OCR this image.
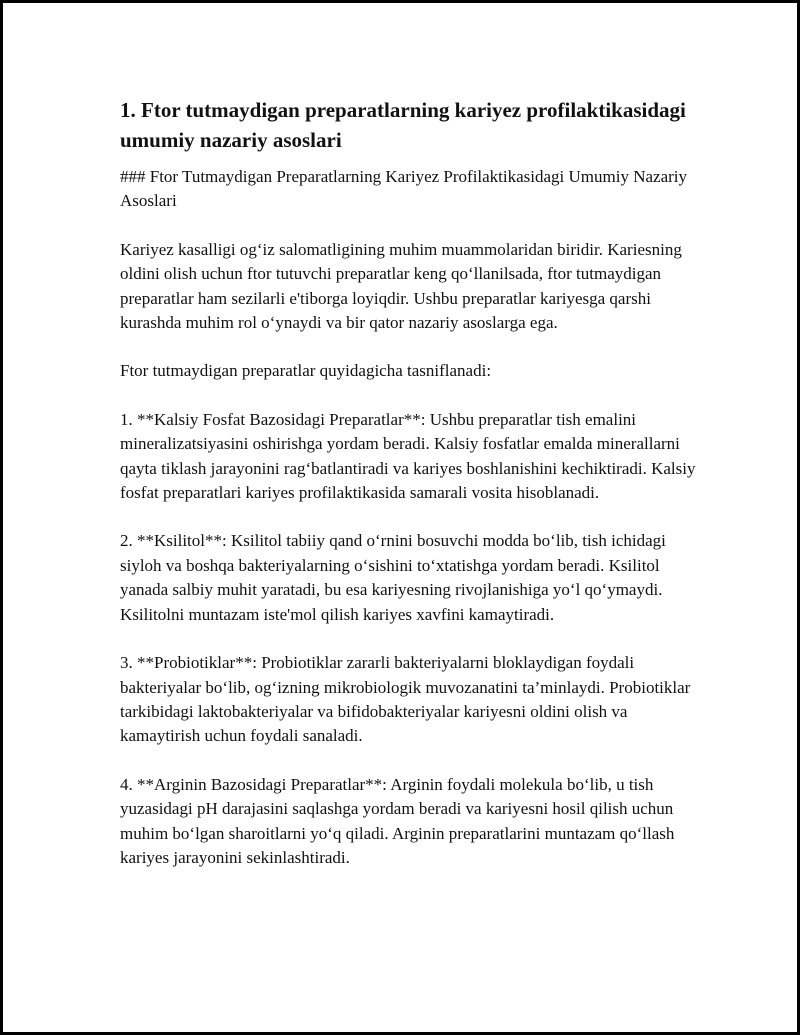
1. Ftor tutmaydigan preparatlarning kariyez profilaktikasidagi umumiy nazariy asoslari

### Ftor Tutmaydigan Preparatlarning Kariyez Profilaktikasidagi Umumiy Nazariy Asoslari

Kariyez kasalligi og‘iz salomatligining muhim muammolaridan biridir. Kariesning oldini olish uchun ftor tutuvchi preparatlar keng qo‘llanilsada, ftor tutmaydigan preparatlar ham sezilarli e'tiborga loyiqdir. Ushbu preparatlar kariyesga qarshi kurashda muhim rol o‘ynaydi va bir qator nazariy asoslarga ega.

Ftor tutmaydigan preparatlar quyidagicha tasniflanadi:

1. **Kalsiy Fosfat Bazosidagi Preparatlar**: Ushbu preparatlar tish emalini mineralizatsiyasini oshirishga yordam beradi. Kalsiy fosfatlar emalda minerallarni qayta tiklash jarayonini rag‘batlantiradi va kariyes boshlanishini kechiktiradi. Kalsiy fosfat preparatlari kariyes profilaktikasida samarali vosita hisoblanadi.

2. **Ksilitol**: Ksilitol tabiiy qand o‘rnini bosuvchi modda bo‘lib, tish ichidagi siyloh va boshqa bakteriyalarning o‘sishini to‘xtatishga yordam beradi. Ksilitol yanada salbiy muhit yaratadi, bu esa kariyesning rivojlanishiga yo‘l qo‘ymaydi. Ksilitolni muntazam iste'mol qilish kariyes xavfini kamaytiradi.

3. **Probiotiklar**: Probiotiklar zararli bakteriyalarni bloklaydigan foydali bakteriyalar bo‘lib, og‘izning mikrobiologik muvozanatini ta’minlaydi. Probiotiklar tarkibidagi laktobakteriyalar va bifidobakteriyalar kariyesni oldini olish va kamaytirish uchun foydali sanaladi.

4. **Arginin Bazosidagi Preparatlar**: Arginin foydali molekula bo‘lib, u tish yuzasidagi pH darajasini saqlashga yordam beradi va kariyesni hosil qilish uchun muhim bo‘lgan sharoitlarni yo‘q qiladi. Arginin preparatlarini muntazam qo‘llash kariyes jarayonini sekinlashtiradi.
